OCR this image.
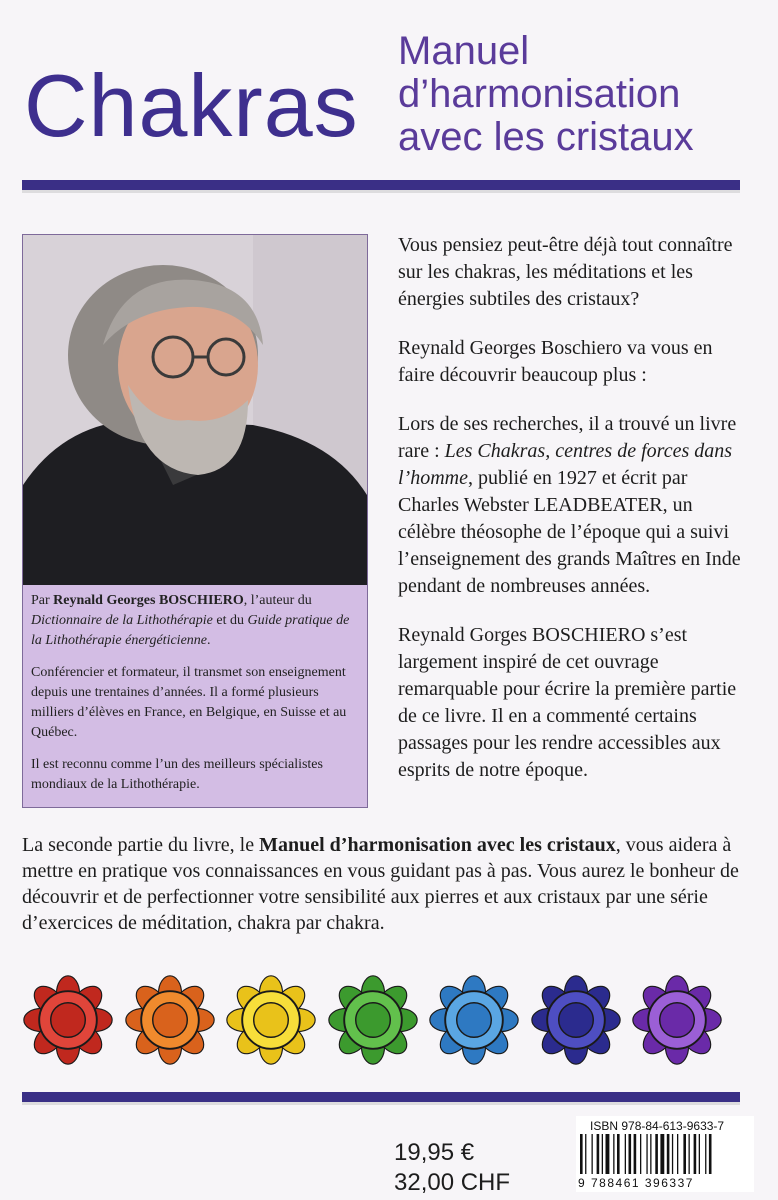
Chakras
Manuel
d’harmonisation
avec les cristaux

Par Reynald Georges BOSCHIERO, l’auteur du Dictionnaire de la Lithothérapie et du Guide pratique de la Lithothérapie énergéticienne.

Conférencier et formateur, il transmet son enseignement depuis une trentaines d’années. Il a formé plusieurs milliers d’élèves en France, en Belgique, en Suisse et au Québec.

Il est reconnu comme l’un des meilleurs spécialistes mondiaux de la Lithothérapie.

Vous pensiez peut-être déjà tout connaître sur les chakras, les méditations et les énergies subtiles des cristaux?

Reynald Georges Boschiero va vous en faire découvrir beaucoup plus :

Lors de ses recherches, il a trouvé un livre rare : Les Chakras, centres de forces dans l’homme, publié en 1927 et écrit par Charles Webster LEADBEATER, un célèbre théosophe de l’époque qui a suivi l’enseignement des grands Maîtres en Inde pendant de nombreuses années.

Reynald Gorges BOSCHIERO s’est largement inspiré de cet ouvrage remarquable pour écrire la première partie de ce livre. Il en a commenté certains passages pour les rendre accessibles aux esprits de notre époque.

La seconde partie du livre, le Manuel d’harmonisation avec les cristaux, vous aidera à mettre en pratique vos connaissances en vous guidant pas à pas. Vous aurez le bonheur de découvrir et de perfectionner votre sensibilité aux pierres et aux cristaux par une série d’exercices de méditation, chakra par chakra.

19,95 €
32,00 CHF
ISBN 978-84-613-9633-7
9 788461 396337
